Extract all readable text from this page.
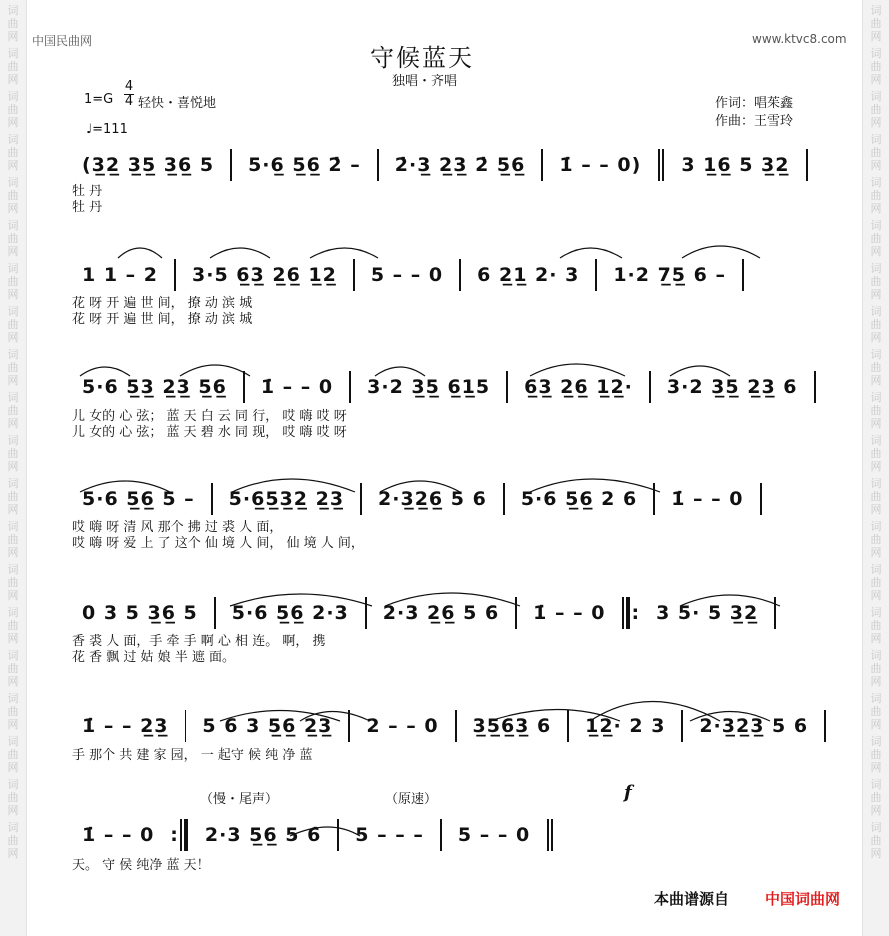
词曲网
词曲网
词曲网
词曲网
词曲网
词曲网
词曲网
词曲网
词曲网
词曲网
词曲网
词曲网
词曲网
词曲网
词曲网
词曲网
词曲网
词曲网
词曲网
词曲网
词曲网
词曲网
词曲网
词曲网
词曲网
词曲网
词曲网
词曲网
词曲网
词曲网
词曲网
词曲网
词曲网
词曲网
词曲网
词曲网
词曲网
词曲网
词曲网
词曲网
中国民曲网	www.ktvc8.com
守候蓝天
独唱・齐唱
1=G
4
4 轻快・喜悦地
♩=111
作词：唱茱鑫
作曲：王雪玲
(3̲2̲ 3̲5̲ 3̲6̲ 5 5·6̲ 5̲6̲ 2̇ – 2̇·3̲ 2̲3̲ 2̇ 5̲6̲ 1̇ – – 0) 3 1̲6̲ 5 3̲2̲
牡 丹
牡 丹
1 1 – 2 3·5 6̲3̲ 2̲6̲ 1̲2̲ 5 – – 0 6 2̲1̲ 2· 3 1·2 7̲5̲ 6 –
花 呀 开 遍 世 间， 撩 动 滨 城
花 呀 开 遍 世 间， 撩 动 滨 城
5·6 5̲3̲ 2̲3̲ 5̲6̲ 1̇ – – 0 3·2 3̲5̲ 6̲1̲5 6̲3̲ 2̲6̲ 1̲2̲· 3·2 3̲5̲ 2̲3̲ 6
儿 女的 心 弦； 蓝 天 白 云 同 行， 哎 嗨 哎 呀
儿 女的 心 弦； 蓝 天 碧 水 同 现， 哎 嗨 哎 呀
5·6 5̲6̲ 5 – 5·6̲5̲3̲2̲ 2̲3̲ 2·3̲2̲6̲ 5 6 5·6 5̲6̲ 2 6 1̇ – – 0
哎 嗨 呀 清 风 那个 拂 过 裘 人 面，
哎 嗨 呀 爱 上 了 这个 仙 境 人 间， 仙 境 人 间，
0 3 5 3̲6̲ 5 5·6 5̲6̲ 2·3 2·3 2̲6̲ 5 6 1̇ – – 0	: 3 5· 5 3̲2̲
香 裘 人 面，手 牵 手 啊 心 相 连。 啊， 携
花 香 飘 过 姑 娘 半 遮 面。
1̇ – – 2̲3̲ 5 6 3 5̲6̲ 2̲3̲ 2 – – 0 3̲5̲6̲3̲ 6 1̲2̲· 2 3 2·3̲2̲3̲ 5 6
手 那个 共 建 家 园， 一 起守 候 纯 净 蓝
（慢・尾声）	（原速）	f
1̇ – – 0 :	2·3 5̲6̲ 5 6̇ 5 – – – 5 – – 0
天。 守 侯 纯净 蓝 天！
本曲谱源自 中国词曲网
